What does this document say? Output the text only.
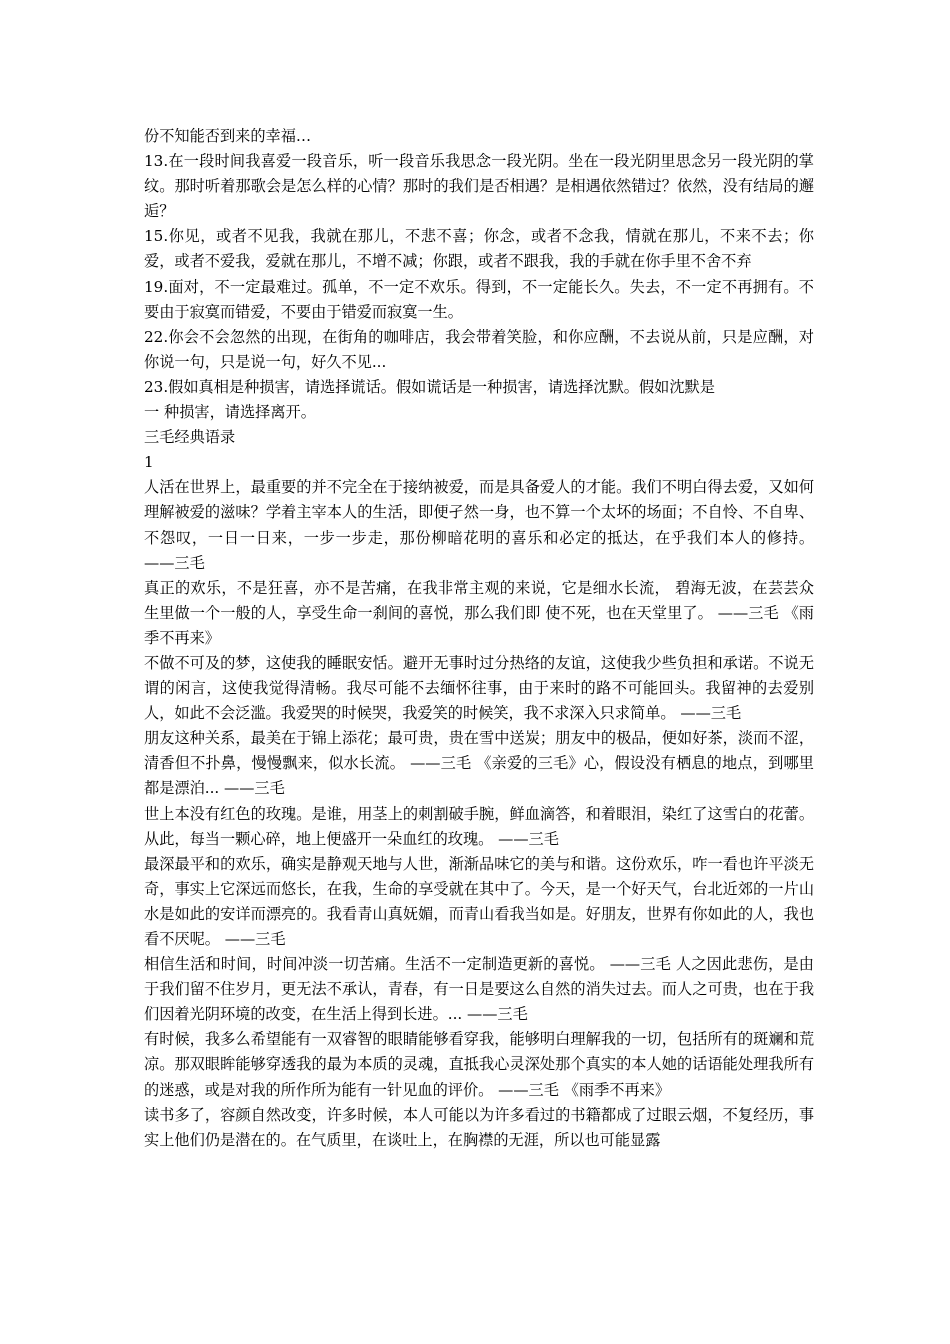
份不知能否到来的幸福…

13.在一段时间我喜爱一段音乐，听一段音乐我思念一段光阴。坐在一段光阴里思念另一段光阴的掌纹。那时听着那歌会是怎么样的心情？那时的我们是否相遇？是相遇依然错过？依然，没有结局的邂逅？

15.你见，或者不见我，我就在那儿，不悲不喜；你念，或者不念我，情就在那儿，不来不去；你爱，或者不爱我，爱就在那儿，不增不减；你跟，或者不跟我，我的手就在你手里不舍不弃

19.面对，不一定最难过。孤单，不一定不欢乐。得到，不一定能长久。失去，不一定不再拥有。不要由于寂寞而错爱，不要由于错爱而寂寞一生。

22.你会不会忽然的出现，在街角的咖啡店，我会带着笑脸，和你应酬，不去说从前，只是应酬，对你说一句，只是说一句，好久不见...

23.假如真相是种损害，请选择谎话。假如谎话是一种损害，请选择沈默。假如沈默是

一 种损害，请选择离开。

三毛经典语录

1

人活在世界上，最重要的并不完全在于接纳被爱，而是具备爱人的才能。我们不明白得去爱，又如何理解被爱的滋味？学着主宰本人的生活，即便孑然一身，也不算一个太坏的场面；不自怜、不自卑、不怨叹，一日一日来，一步一步走，那份柳暗花明的喜乐和必定的抵达，在乎我们本人的修持。 ——三毛

真正的欢乐，不是狂喜，亦不是苦痛，在我非常主观的来说，它是细水长流， 碧海无波，在芸芸众生里做一个一般的人，享受生命一刹间的喜悦，那么我们即 使不死，也在天堂里了。 ——三毛 《雨季不再来》

不做不可及的梦，这使我的睡眠安恬。避开无事时过分热络的友谊，这使我少些负担和承诺。不说无谓的闲言，这使我觉得清畅。我尽可能不去缅怀往事，由于来时的路不可能回头。我留神的去爱别人，如此不会泛滥。我爱哭的时候哭，我爱笑的时候笑，我不求深入只求简单。 ——三毛

朋友这种关系，最美在于锦上添花；最可贵，贵在雪中送炭；朋友中的极品，便如好茶，淡而不涩，清香但不扑鼻，慢慢飘来，似水长流。 ——三毛 《亲爱的三毛》心，假设没有栖息的地点，到哪里都是漂泊... ——三毛

世上本没有红色的玫瑰。是谁，用茎上的刺割破手腕，鲜血滴答，和着眼泪，染红了这雪白的花蕾。从此，每当一颗心碎，地上便盛开一朵血红的玫瑰。 ——三毛

最深最平和的欢乐，确实是静观天地与人世，渐渐品味它的美与和谐。这份欢乐，咋一看也许平淡无奇，事实上它深远而悠长，在我，生命的享受就在其中了。今天，是一个好天气，台北近郊的一片山水是如此的安详而漂亮的。我看青山真妩媚，而青山看我当如是。好朋友，世界有你如此的人，我也看不厌呢。 ——三毛

相信生活和时间，时间冲淡一切苦痛。生活不一定制造更新的喜悦。 ——三毛 人之因此悲伤，是由于我们留不住岁月，更无法不承认，青春，有一日是要这么自然的消失过去。而人之可贵，也在于我们因着光阴环境的改变，在生活上得到长进。... ——三毛

有时候，我多么希望能有一双睿智的眼睛能够看穿我，能够明白理解我的一切，包括所有的斑斓和荒凉。那双眼眸能够穿透我的最为本质的灵魂，直抵我心灵深处那个真实的本人她的话语能处理我所有的迷惑，或是对我的所作所为能有一针见血的评价。 ——三毛 《雨季不再来》

读书多了，容颜自然改变，许多时候，本人可能以为许多看过的书籍都成了过眼云烟，不复经历，事实上他们仍是潜在的。在气质里，在谈吐上，在胸襟的无涯，所以也可能显露
